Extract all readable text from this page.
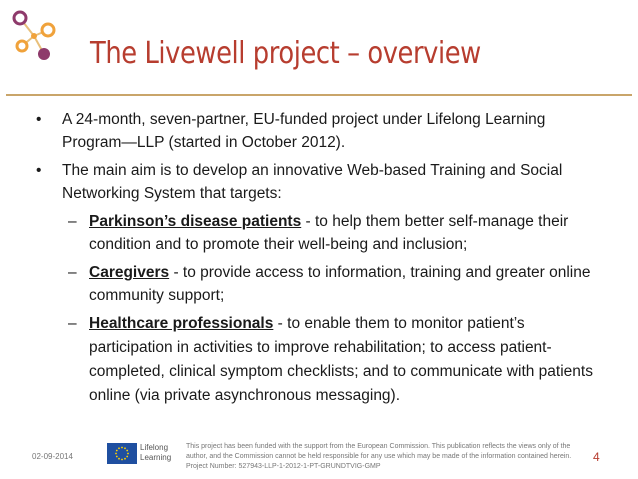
The Livewell project – overview
• A 24-month, seven-partner, EU-funded project under Lifelong Learning Program—LLP (started in October 2012).
• The main aim is to develop an innovative Web-based Training and Social Networking System that targets:
– Parkinson’s disease patients - to help them better self-manage their condition and to promote their well-being and inclusion;
– Caregivers - to provide access to information, training and greater online community support;
– Healthcare professionals - to enable them to monitor patient’s participation in activities to improve rehabilitation; to access patient-completed, clinical symptom checklists; and to communicate with patients online (via private asynchronous messaging).
02-09-2014
Lifelong
Learning
This project has been funded with the support from the European Commission. This publication reflects the views only of the author, and the Commission cannot be held responsible for any use which may be made of the information contained herein. Project Number: 527943-LLP-1-2012-1-PT-GRUNDTVIG-GMP
4
